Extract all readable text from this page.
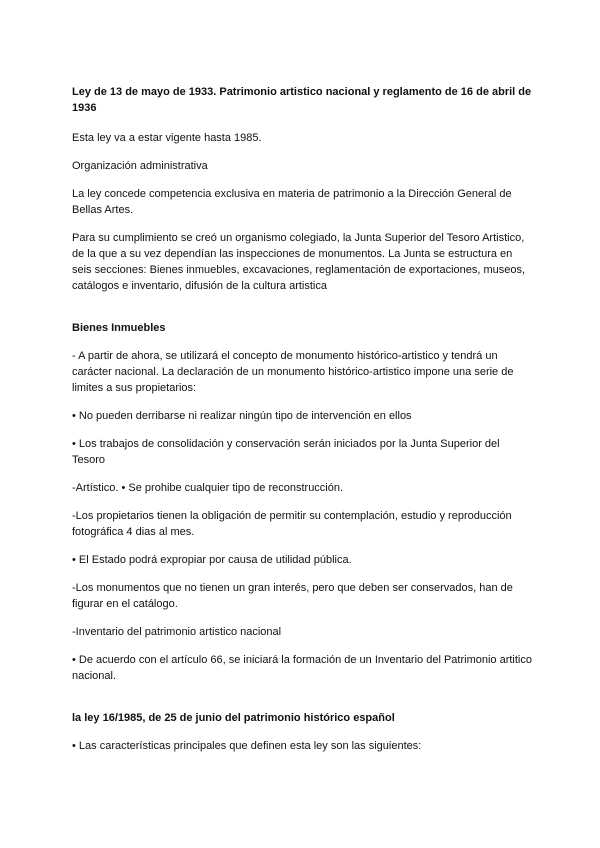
Ley de 13 de mayo de 1933. Patrimonio artistico nacional y reglamento de 16 de abril de 1936

Esta ley va a estar vigente hasta 1985.

Organización administrativa

La ley concede competencia exclusiva en materia de patrimonio a la Dirección General de Bellas Artes.

Para su cumplimiento se creó un organismo colegiado, la Junta Superior del Tesoro Artistico, de la que a su vez dependían las inspecciones de monumentos. La Junta se estructura en seis secciones: Bienes inmuebles, excavaciones, reglamentación de exportaciones, museos, catálogos e inventario, difusión de la cultura artistica

Bienes Inmuebles

- A partir de ahora, se utilizará el concepto de monumento histórico-artistico y tendrá un carácter nacional. La declaración de un monumento histórico-artistico impone una serie de limites a sus propietarios:

• No pueden derribarse ni realizar ningún tipo de intervención en ellos

• Los trabajos de consolidación y conservación serán iniciados por la Junta Superior del Tesoro

-Artístico. • Se prohibe cualquier tipo de reconstrucción.

-Los propietarios tienen la obligación de permitir su contemplación, estudio y reproducción fotográfica 4 dias al mes.

• El Estado podrá expropiar por causa de utilidad pública.

-Los monumentos que no tienen un gran interés, pero que deben ser conservados, han de figurar en el catálogo.

-Inventario del patrimonio artistico nacional

• De acuerdo con el artículo 66, se iniciará la formación de un Inventario del Patrimonio artitico nacional.

la ley 16/1985, de 25 de junio del patrimonio histórico español

• Las características principales que definen esta ley son las siguientes:
